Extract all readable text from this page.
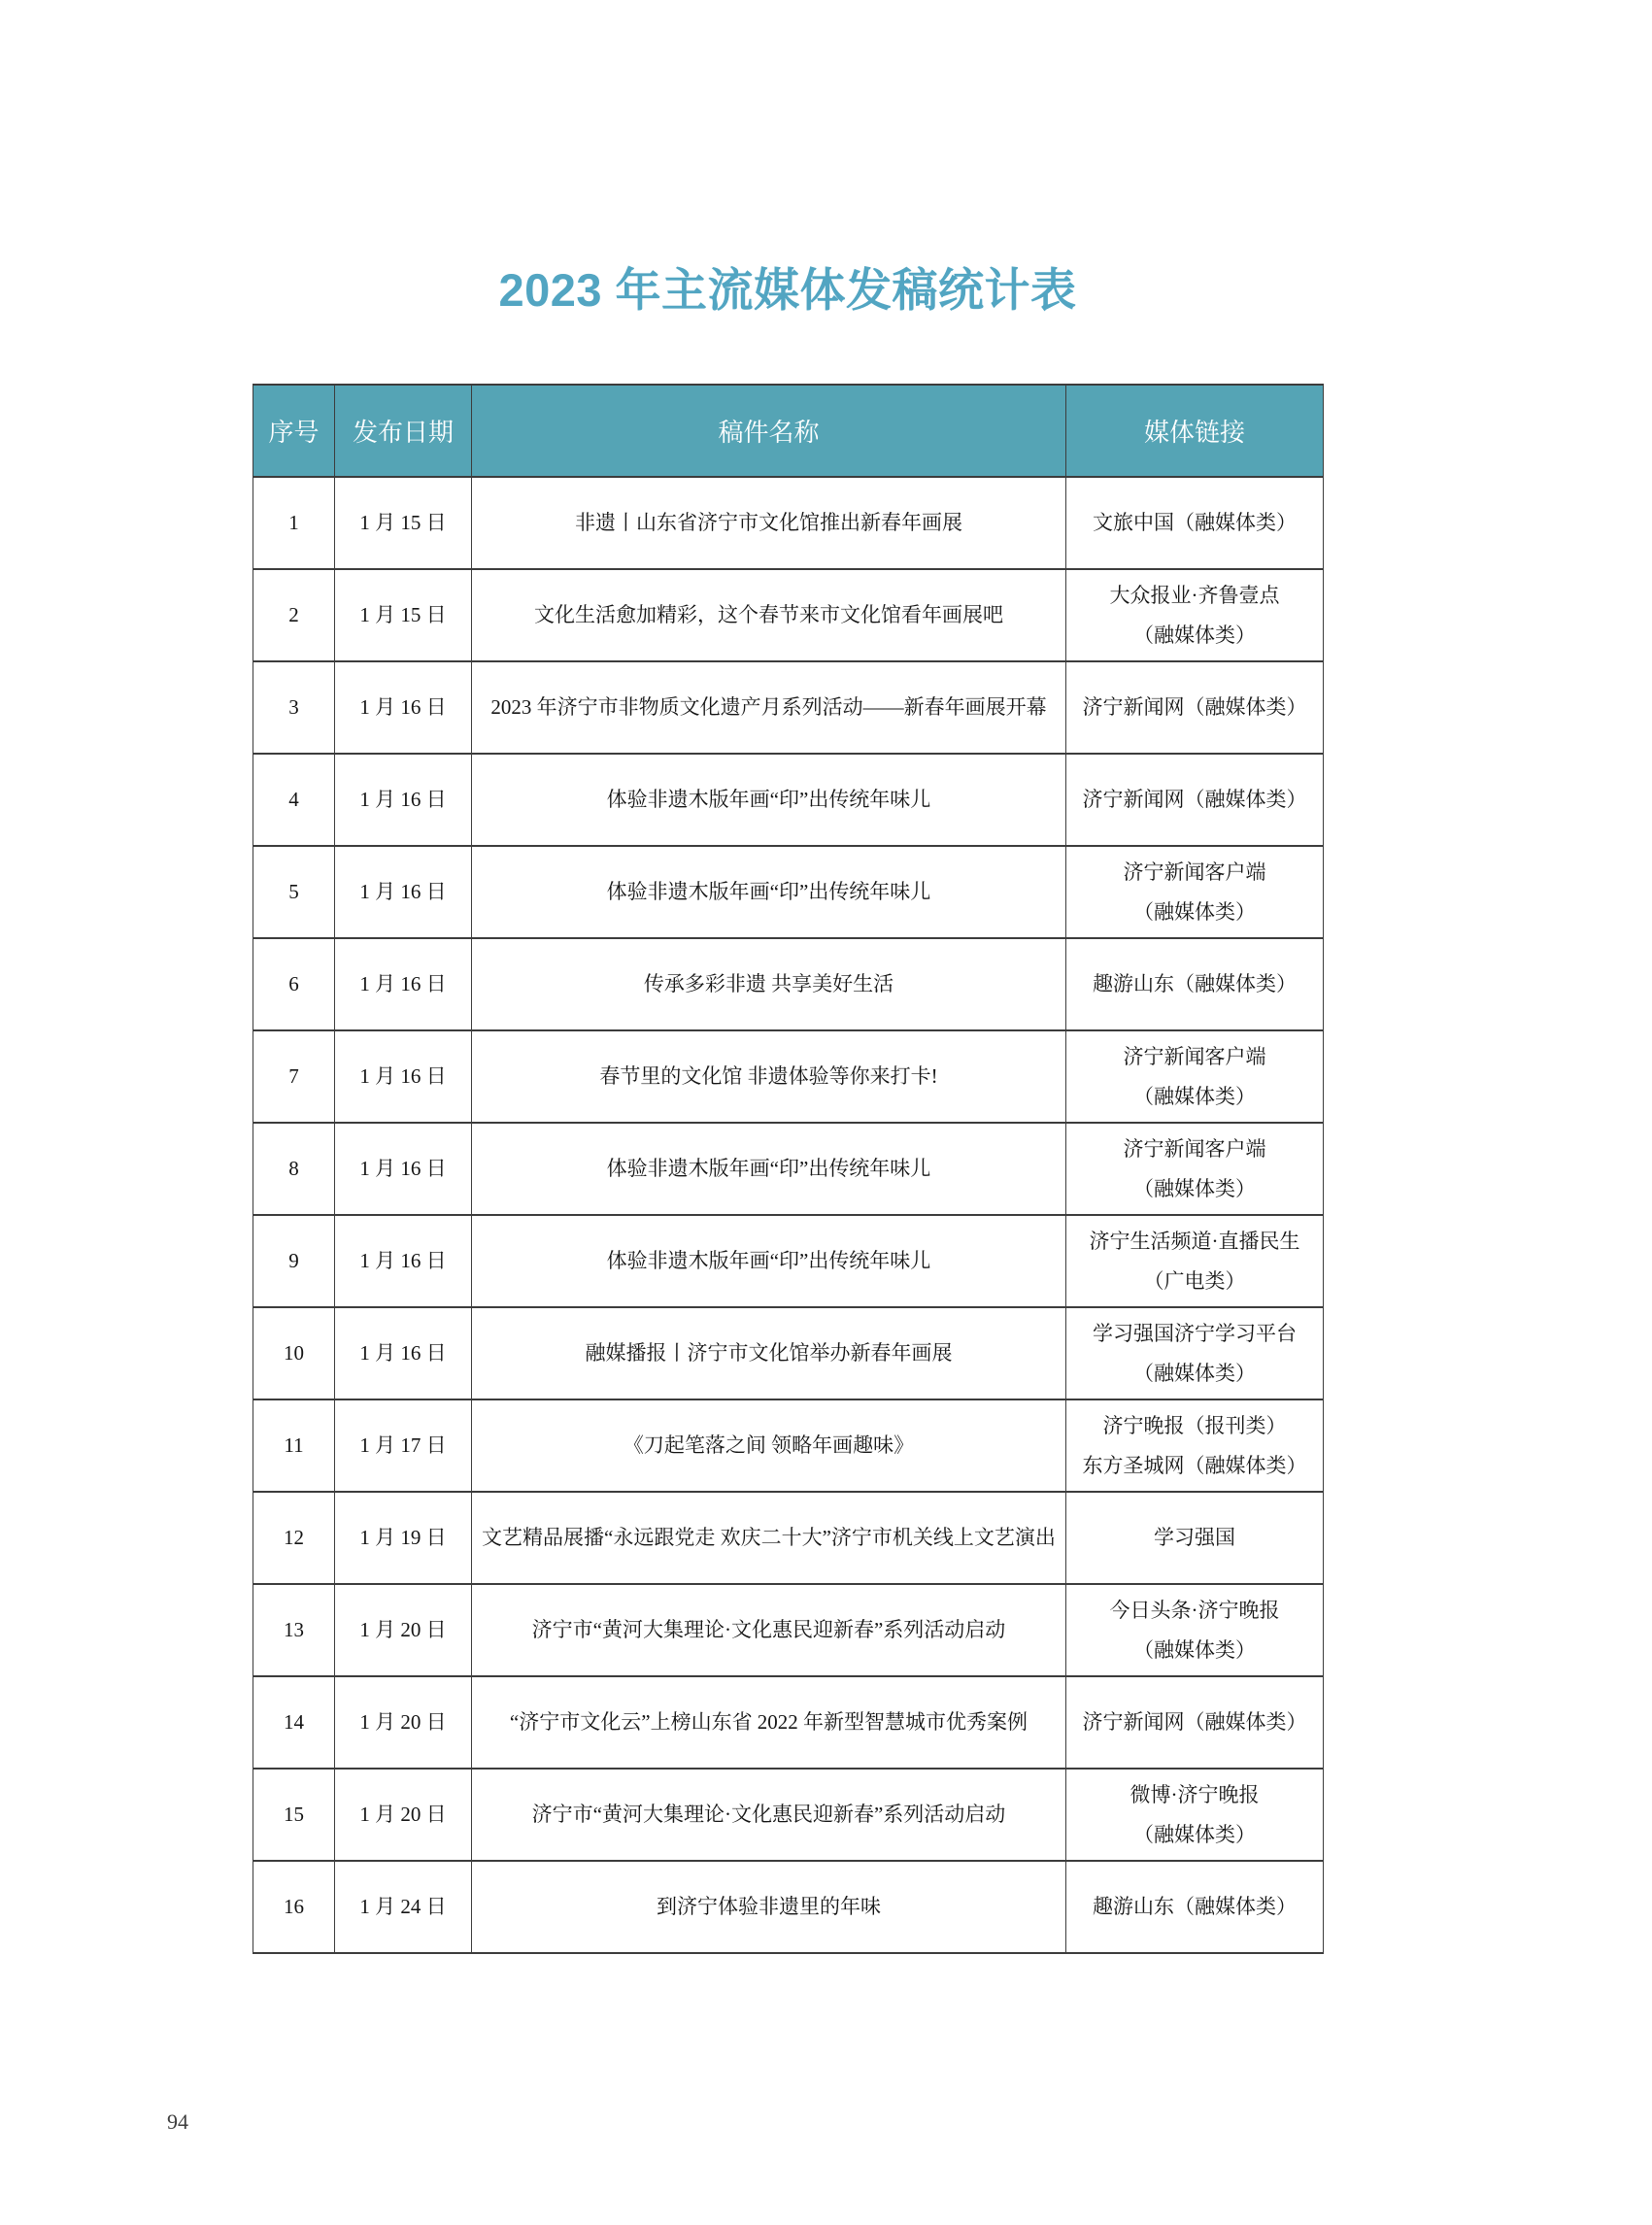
2023 年主流媒体发稿统计表
序号	发布日期	稿件名称	媒体链接
1	1 月 15 日	非遗丨山东省济宁市文化馆推出新春年画展	文旅中国（融媒体类）

2	1 月 15 日	文化生活愈加精彩，这个春节来市文化馆看年画展吧	大众报业·齐鲁壹点
（融媒体类）

3	1 月 16 日	2023 年济宁市非物质文化遗产月系列活动——新春年画展开幕	济宁新闻网（融媒体类）

4	1 月 16 日	体验非遗木版年画“印”出传统年味儿	济宁新闻网（融媒体类）

5	1 月 16 日	体验非遗木版年画“印”出传统年味儿	济宁新闻客户端
（融媒体类）

6	1 月 16 日	传承多彩非遗 共享美好生活	趣游山东（融媒体类）

7	1 月 16 日	春节里的文化馆 非遗体验等你来打卡!	济宁新闻客户端
（融媒体类）

8	1 月 16 日	体验非遗木版年画“印”出传统年味儿	济宁新闻客户端
（融媒体类）

9	1 月 16 日	体验非遗木版年画“印”出传统年味儿	济宁生活频道·直播民生
（广电类）

10	1 月 16 日	融媒播报丨济宁市文化馆举办新春年画展	学习强国济宁学习平台
（融媒体类）

11	1 月 17 日	《刀起笔落之间 领略年画趣味》	济宁晚报（报刊类）
东方圣城网（融媒体类）

12	1 月 19 日	文艺精品展播“永远跟党走 欢庆二十大”济宁市机关线上文艺演出	学习强国

13	1 月 20 日	济宁市“黄河大集理论·文化惠民迎新春”系列活动启动	今日头条·济宁晚报
（融媒体类）

14	1 月 20 日	“济宁市文化云”上榜山东省 2022 年新型智慧城市优秀案例	济宁新闻网（融媒体类）

15	1 月 20 日	济宁市“黄河大集理论·文化惠民迎新春”系列活动启动	微博·济宁晚报
（融媒体类）

16	1 月 24 日	到济宁体验非遗里的年味	趣游山东（融媒体类）
94
